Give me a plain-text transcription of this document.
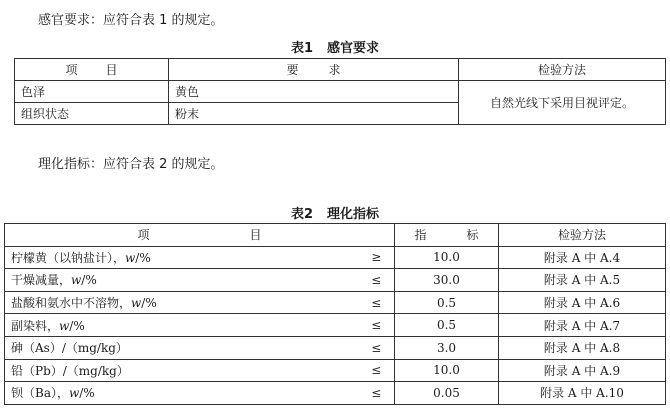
感官要求：应符合表 1 的规定。
表1 感官要求
项 目	要 求	检验方法
色泽	黄色	自然光线下采用目视评定。
组织状态	粉末	
理化指标：应符合表 2 的规定。
表2 理化指标
项 目		指 标	检验方法
柠檬黄（以钠盐计），w/%	≥	10.0	附录 A 中 A.4
干燥减量，w/%	≤	30.0	附录 A 中 A.5
盐酸和氨水中不溶物，w/%	≤	0.5	附录 A 中 A.6
副染料，w/%	≤	0.5	附录 A 中 A.7
砷（As）/（mg/kg）	≤	3.0	附录 A 中 A.8
铅（Pb）/（mg/kg）	≤	10.0	附录 A 中 A.9
钡（Ba），w/%	≤	0.05	附录 A 中 A.10
